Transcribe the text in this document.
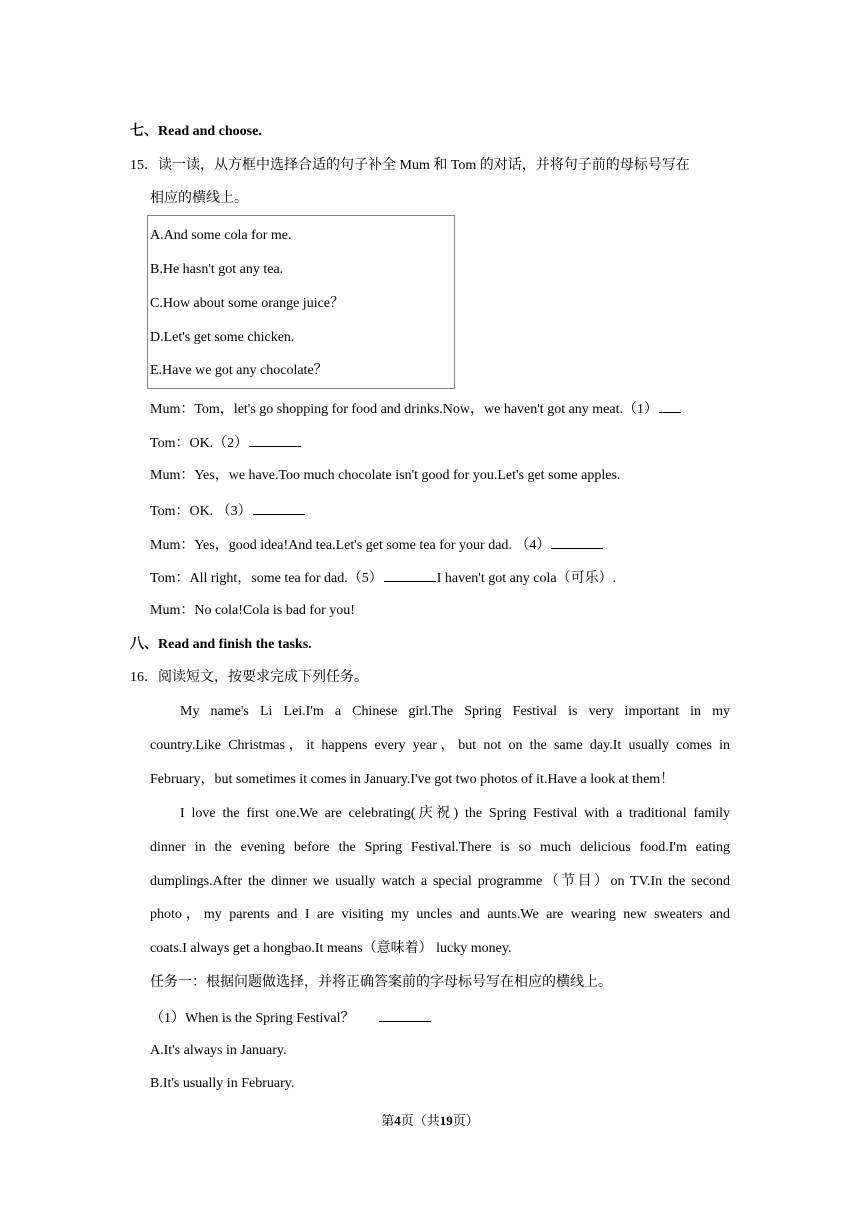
七、Read and choose.
15．读一读，从方框中选择合适的句子补全 Mum 和 Tom 的对话，并将句子前的母标号写在
相应的横线上。
A.And some cola for me.
B.He hasn't got any tea.
C.How about some orange juice？
D.Let's get some chicken.
E.Have we got any chocolate？
Mum：Tom，let's go shopping for food and drinks.Now，we haven't got any meat.（1）
Tom：OK.（2）
Mum：Yes，we have.Too much chocolate isn't good for you.Let's get some apples.
Tom：OK. （3）
Mum：Yes，good idea!And tea.Let's get some tea for your dad. （4）
Tom：All right，some tea for dad.（5）	I haven't got any cola（可乐）.
Mum：No cola!Cola is bad for you!
八、Read and finish the tasks.
16．阅读短文，按要求完成下列任务。
My name's Li Lei.I'm a Chinese girl.The Spring Festival is very important in my
country.Like Christmas，it happens every year，but not on the same day.It usually comes in
February，but sometimes it comes in January.I've got two photos of it.Have a look at them！
I love the first one.We are celebrating(庆祝) the Spring Festival with a traditional family
dinner in the evening before the Spring Festival.There is so much delicious food.I'm eating
dumplings.After the dinner we usually watch a special programme（节目）on TV.In the second
photo，my parents and I are visiting my uncles and aunts.We are wearing new sweaters and
coats.I always get a hongbao.It means（意味着） lucky money.
任务一：根据问题做选择，并将正确答案前的字母标号写在相应的横线上。
（1）When is the Spring Festival？
A.It's always in January.
B.It's usually in February.
第4页（共19页）
